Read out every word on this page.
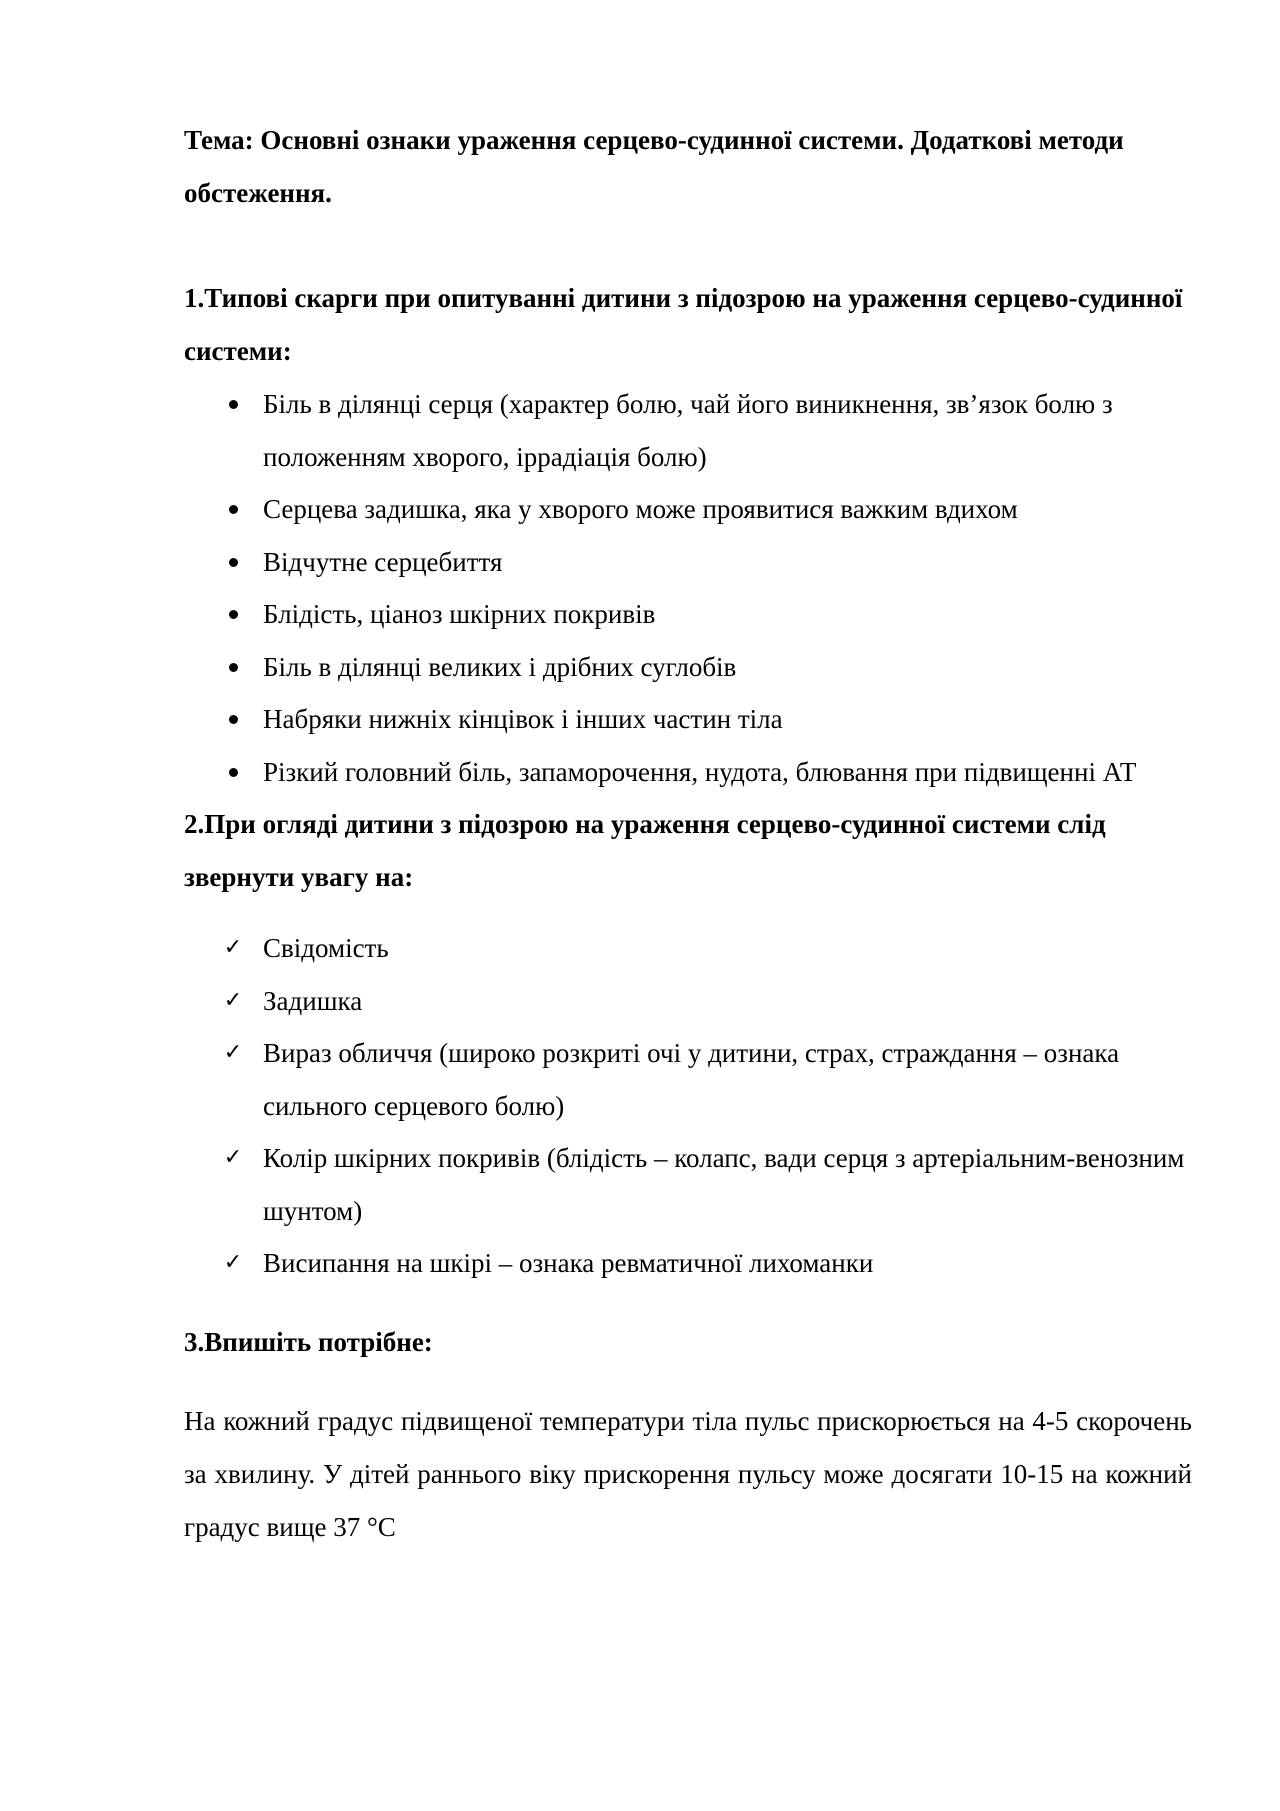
Тема: Основні ознаки ураження серцево-судинної системи. Додаткові методи обстеження.

1.Типові скарги при опитуванні дитини з підозрою на ураження серцево-судинної системи:

Біль в ділянці серця (характер болю, чай його виникнення, зв’язок болю з положенням хворого, іррадіація болю)
Серцева задишка, яка у хворого може проявитися важким вдихом
Відчутне серцебиття
Блідість, ціаноз шкірних покривів
Біль в ділянці великих і дрібних суглобів
Набряки нижніх кінцівок і інших частин тіла
Різкий головний біль, запаморочення, нудота, блювання при підвищенні АТ

2.При огляді дитини з підозрою на ураження серцево-судинної системи слід звернути увагу на:

✓ Свідомість
✓ Задишка
✓ Вираз обличчя (широко розкриті очі у дитини, страх, страждання – ознака сильного серцевого болю)
✓ Колір шкірних покривів (блідість – колапс, вади серця з артеріальним-венозним шунтом)
✓ Висипання на шкірі – ознака ревматичної лихоманки

3.Впишіть потрібне:

На кожний градус підвищеної температури тіла пульс прискорюється на 4-5 скорочень за хвилину. У дітей раннього віку прискорення пульсу може досягати 10-15 на кожний градус вище 37 °С
